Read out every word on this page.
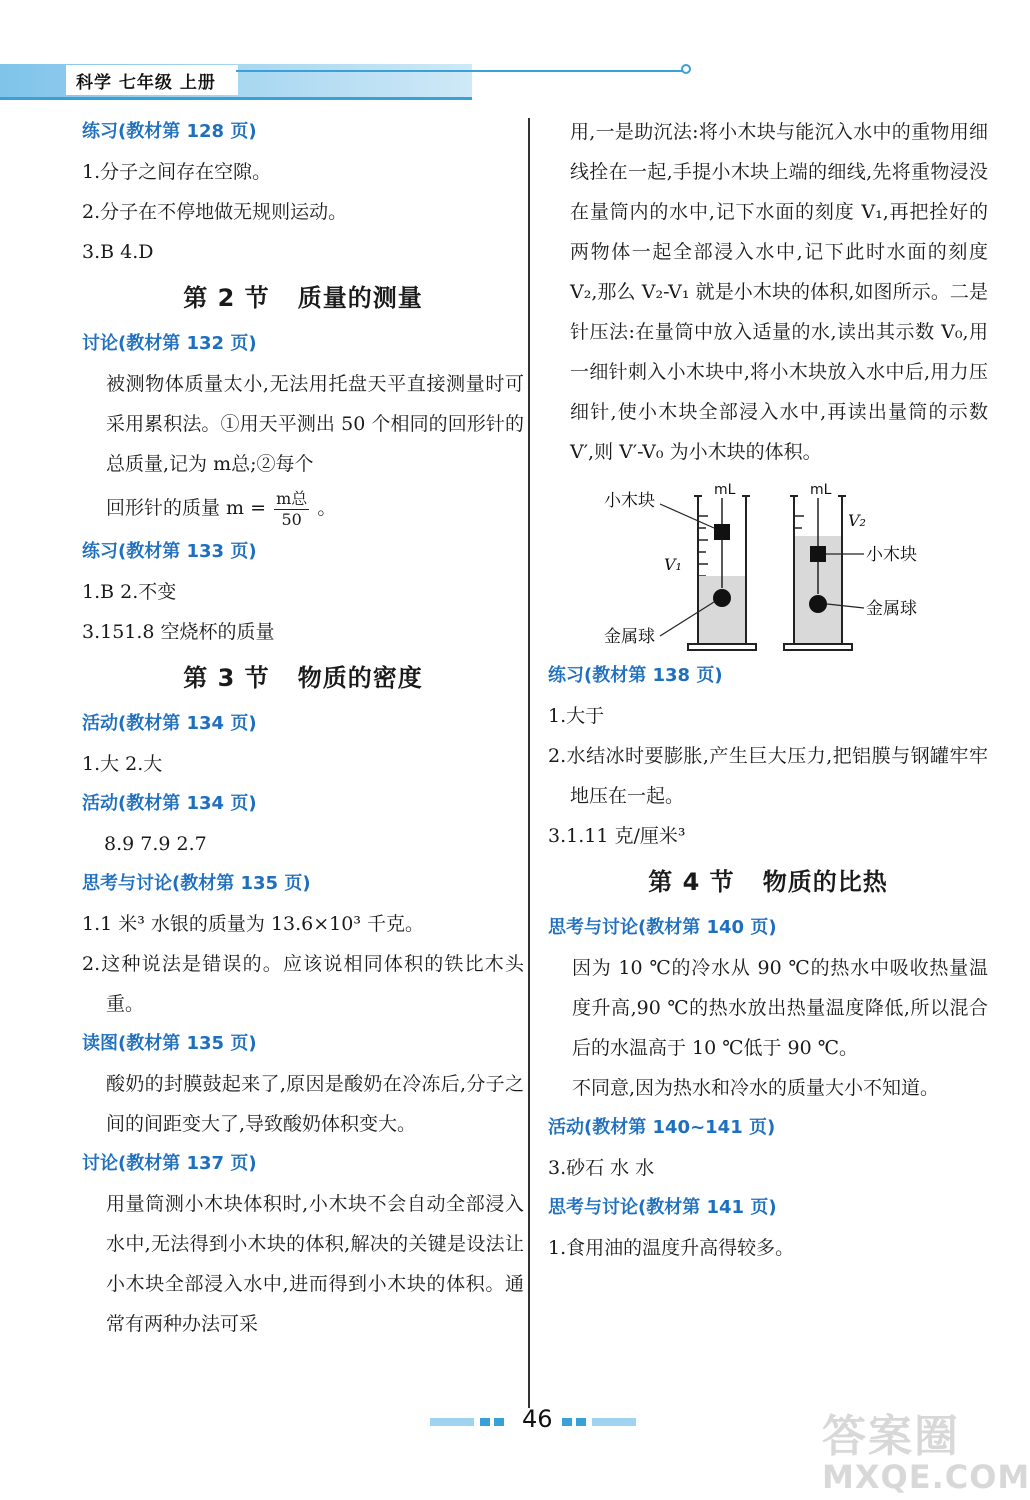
科学 七年级 上册
练习(教材第 128 页)
1.分子之间存在空隙。
2.分子在不停地做无规则运动。
3.B 4.D
第 2 节   质量的测量
讨论(教材第 132 页)
被测物体质量太小,无法用托盘天平直接测量时可采用累积法。①用天平测出 50 个相同的回形针的总质量,记为 m总;②每个
回形针的质量 $m = \frac{\text{m总}}{50}$ 。
练习(教材第 133 页)
1.B 2.不变
3.151.8 空烧杯的质量
第 3 节   物质的密度
活动(教材第 134 页)
1.大 2.大
活动(教材第 134 页)
8.9 7.9 2.7
思考与讨论(教材第 135 页)
1.1 米³ 水银的质量为 13.6×10³ 千克。
2.这种说法是错误的。应该说相同体积的铁比木头重。
读图(教材第 135 页)
酸奶的封膜鼓起来了,原因是酸奶在冷冻后,分子之间的间距变大了,导致酸奶体积变大。
讨论(教材第 137 页)
用量筒测小木块体积时,小木块不会自动全部浸入水中,无法得到小木块的体积,解决的关键是设法让小木块全部浸入水中,进而得到小木块的体积。通常有两种办法可采
用,一是助沉法:将小木块与能沉入水中的重物用细线拴在一起,手提小木块上端的细线,先将重物浸没在量筒内的水中,记下水面的刻度 V₁,再把拴好的两物体一起全部浸入水中,记下此时水面的刻度 V₂,那么 V₂-V₁ 就是小木块的体积,如图所示。二是针压法:在量筒中放入适量的水,读出其示数 V₀,用一细针刺入小木块中,将小木块放入水中后,用力压细针,使小木块全部浸入水中,再读出量筒的示数 V′,则 V′-V₀ 为小木块的体积。
小木块
金属球
V₁
mL	mL
V₂
小木块
金属球
练习(教材第 138 页)
1.大于
2.水结冰时要膨胀,产生巨大压力,把铝膜与钢罐牢牢地压在一起。
3.1.11 克/厘米³
第 4 节   物质的比热
思考与讨论(教材第 140 页)
因为 10 ℃的冷水从 90 ℃的热水中吸收热量温度升高,90 ℃的热水放出热量温度降低,所以混合后的水温高于 10 ℃低于 90 ℃。
不同意,因为热水和冷水的质量大小不知道。
活动(教材第 140~141 页)
3.砂石 水 水
思考与讨论(教材第 141 页)
1.食用油的温度升高得较多。
46	答案圈
MXQE.COM
